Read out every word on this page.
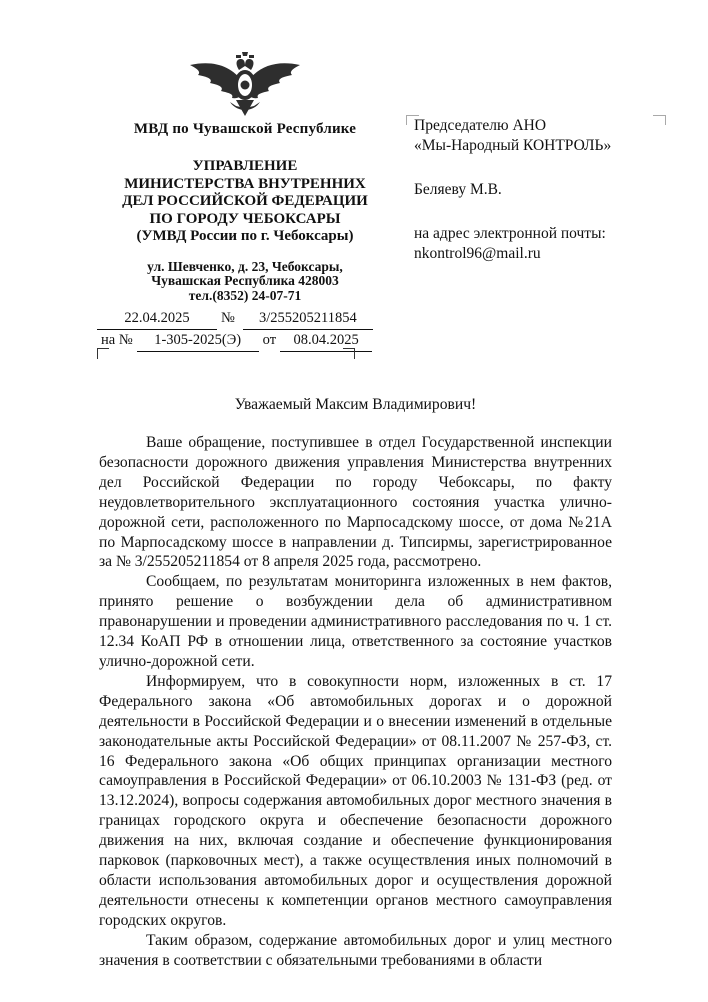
МВД по Чувашской Республике
УПРАВЛЕНИЕ
МИНИСТЕРСТВА ВНУТРЕННИХ
ДЕЛ РОССИЙСКОЙ ФЕДЕРАЦИИ
ПО ГОРОДУ ЧЕБОКСАРЫ
(УМВД России по г. Чебоксары)
ул. Шевченко, д. 23, Чебоксары,
Чувашская Республика 428003
тел.(8352) 24-07-71
22.04.2025	№	3/255205211854
на №	1-305-2025(Э)	от	08.04.2025
Председателю АНО
«Мы-Народный КОНТРОЛЬ»
Беляеву М.В.
на адрес электронной почты:
nkontrol96@mail.ru
Уважаемый Максим Владимирович!

Ваше обращение, поступившее в отдел Государственной инспекции безопасности дорожного движения управления Министерства внутренних дел Российской Федерации по городу Чебоксары, по факту неудовлетворительного эксплуатационного состояния участка улично-дорожной сети, расположенного по Марпосадскому шоссе, от дома №21А по Марпосадскому шоссе в направлении д. Типсирмы, зарегистрированное за № 3/255205211854 от 8 апреля 2025 года, рассмотрено.

Сообщаем, по результатам мониторинга изложенных в нем фактов, принято решение о возбуждении дела об административном правонарушении и проведении административного расследования по ч. 1 ст. 12.34 КоАП РФ в отношении лица, ответственного за состояние участков улично-дорожной сети.

Информируем, что в совокупности норм, изложенных в ст. 17 Федерального закона «Об автомобильных дорогах и о дорожной деятельности в Российской Федерации и о внесении изменений в отдельные законодательные акты Российской Федерации» от 08.11.2007 № 257-ФЗ, ст. 16 Федерального закона «Об общих принципах организации местного самоуправления в Российской Федерации» от 06.10.2003 № 131-ФЗ (ред. от 13.12.2024), вопросы содержания автомобильных дорог местного значения в границах городского округа и обеспечение безопасности дорожного движения на них, включая создание и обеспечение функционирования парковок (парковочных мест), а также осуществления иных полномочий в области использования автомобильных дорог и осуществления дорожной деятельности отнесены к компетенции органов местного самоуправления городских округов.

Таким образом, содержание автомобильных дорог и улиц местного значения в соответствии с обязательными требованиями в области
